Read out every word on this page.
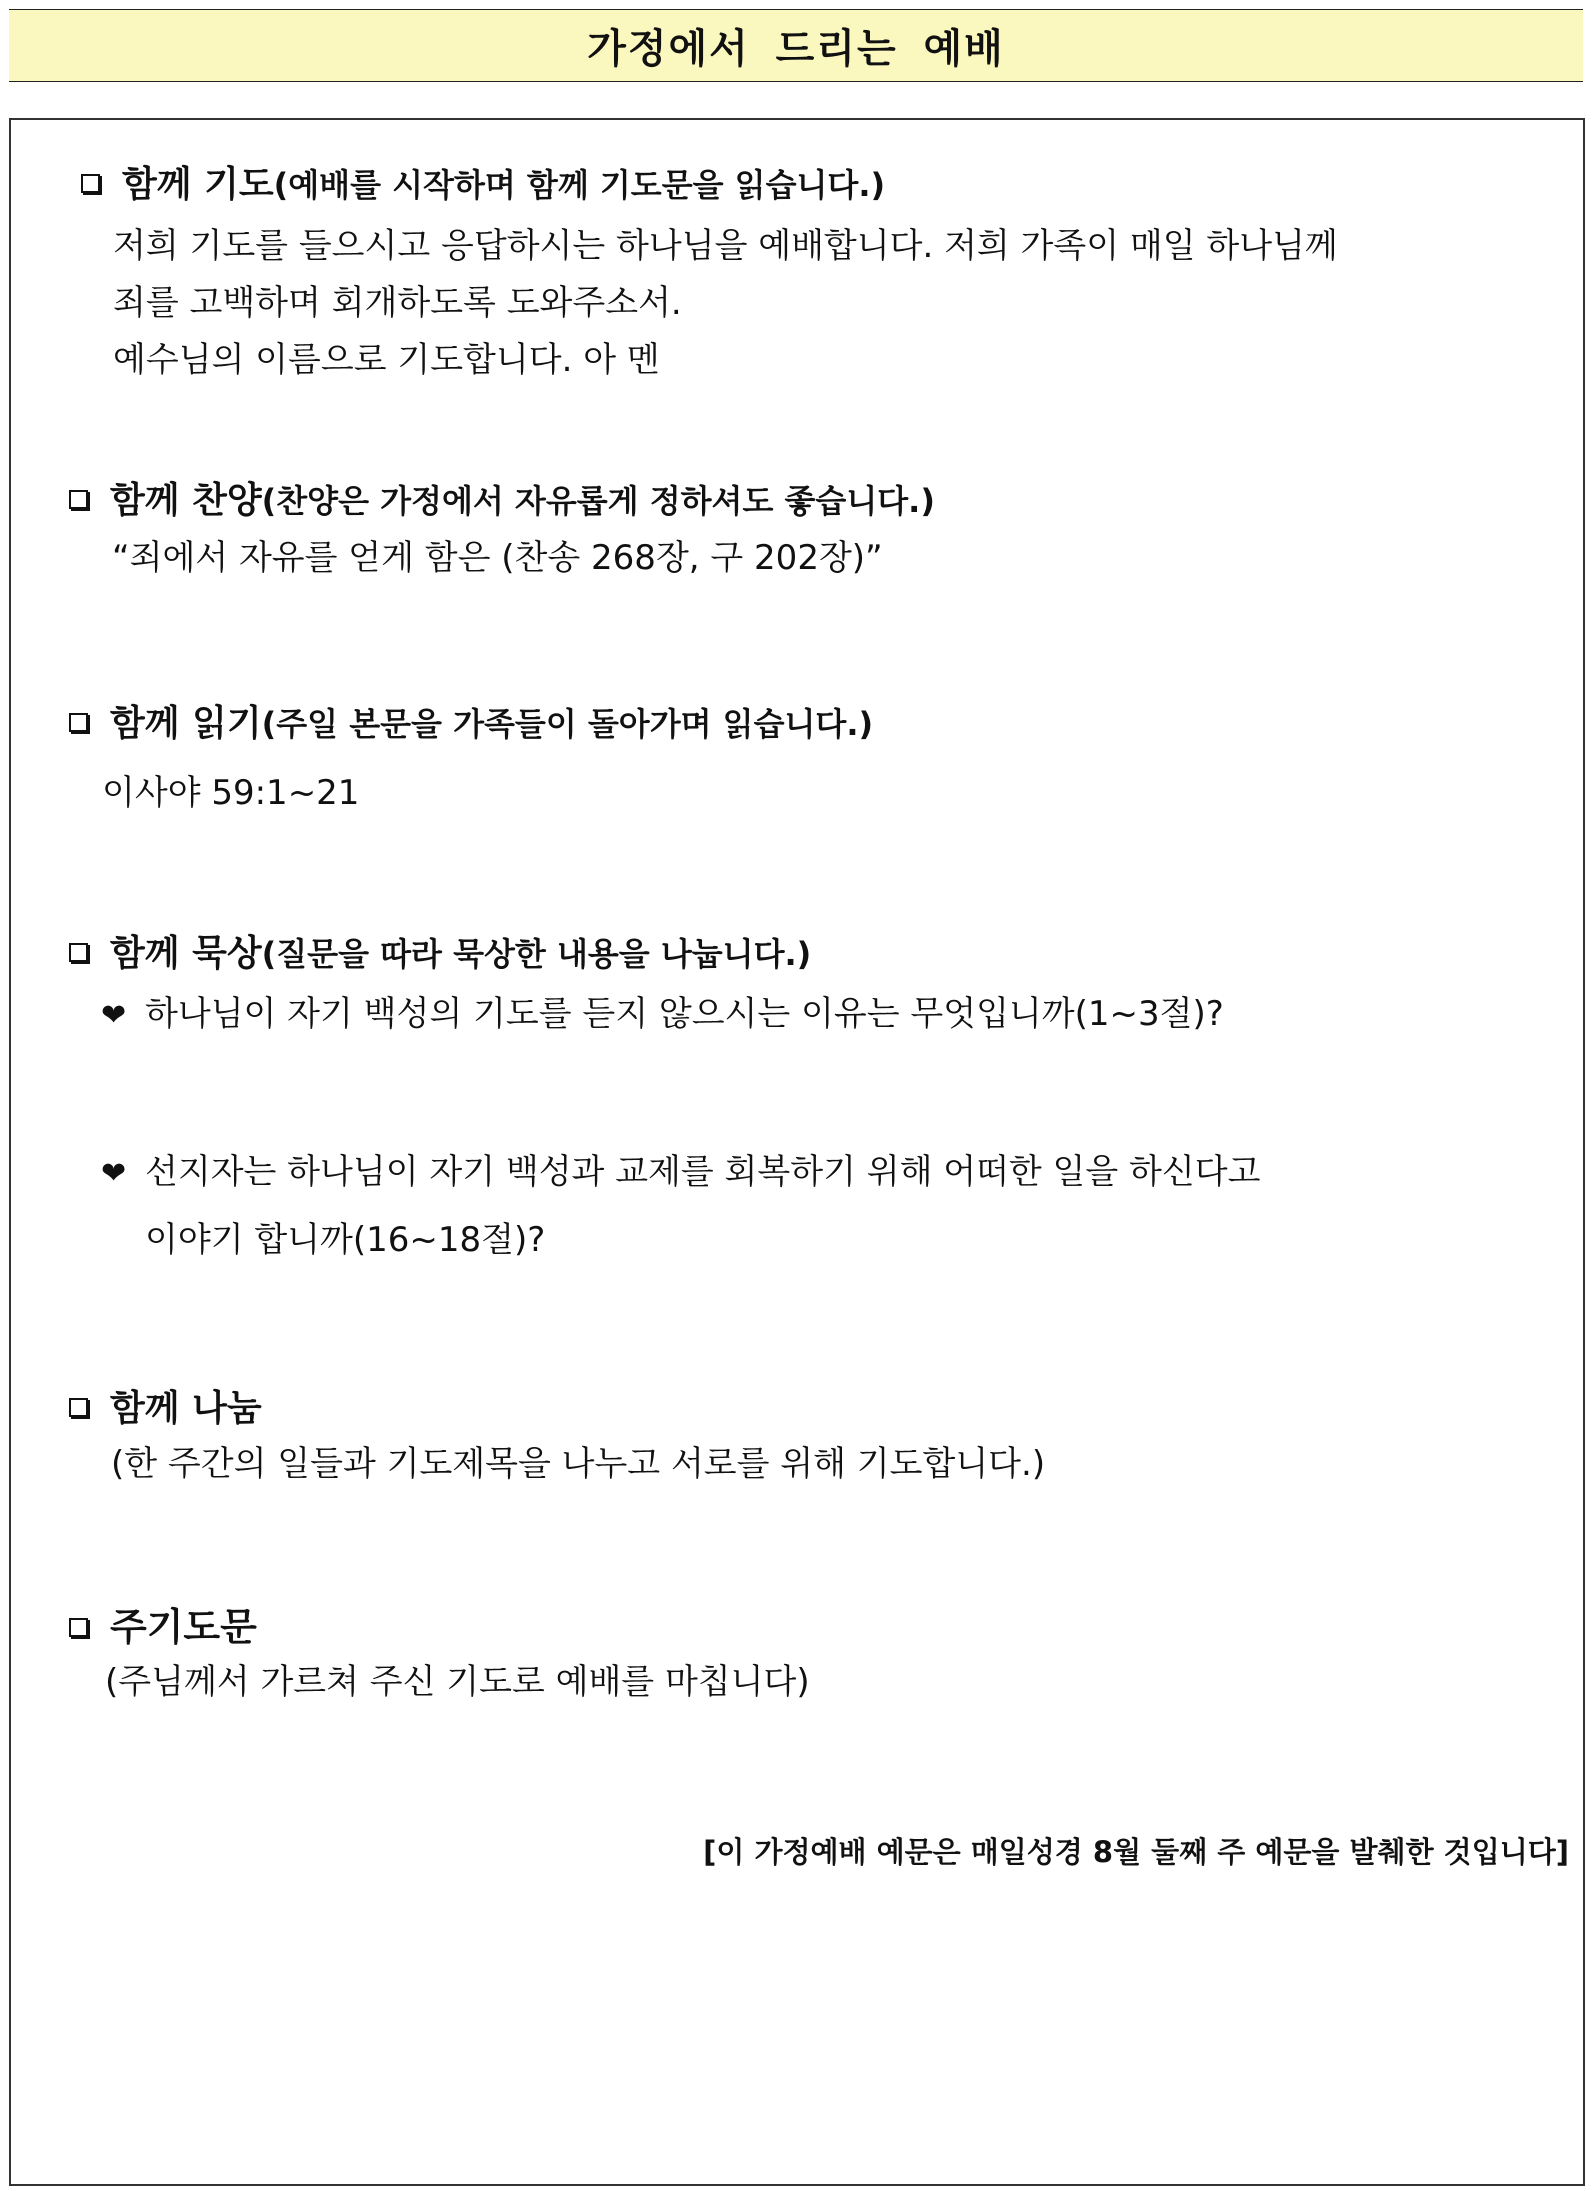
가정에서 드리는 예배
함께 기도 (예배를 시작하며 함께 기도문을 읽습니다.)
저희 기도를 들으시고 응답하시는 하나님을 예배합니다. 저희 가족이 매일 하나님께
죄를 고백하며 회개하도록 도와주소서.
예수님의 이름으로 기도합니다. 아 멘
함께 찬양 (찬양은 가정에서 자유롭게 정하셔도 좋습니다.)
“죄에서 자유를 얻게 함은 (찬송 268장, 구 202장)”
함께 읽기 (주일 본문을 가족들이 돌아가며 읽습니다.)
이사야 59:1~21
함께 묵상 (질문을 따라 묵상한 내용을 나눕니다.)
❤ 하나님이 자기 백성의 기도를 듣지 않으시는 이유는 무엇입니까(1~3절)?
❤ 선지자는 하나님이 자기 백성과 교제를 회복하기 위해 어떠한 일을 하신다고
이야기 합니까(16~18절)?
함께 나눔
(한 주간의 일들과 기도제목을 나누고 서로를 위해 기도합니다.)
주기도문
(주님께서 가르쳐 주신 기도로 예배를 마칩니다)
[이 가정예배 예문은 매일성경 8월 둘째 주 예문을 발췌한 것입니다]
